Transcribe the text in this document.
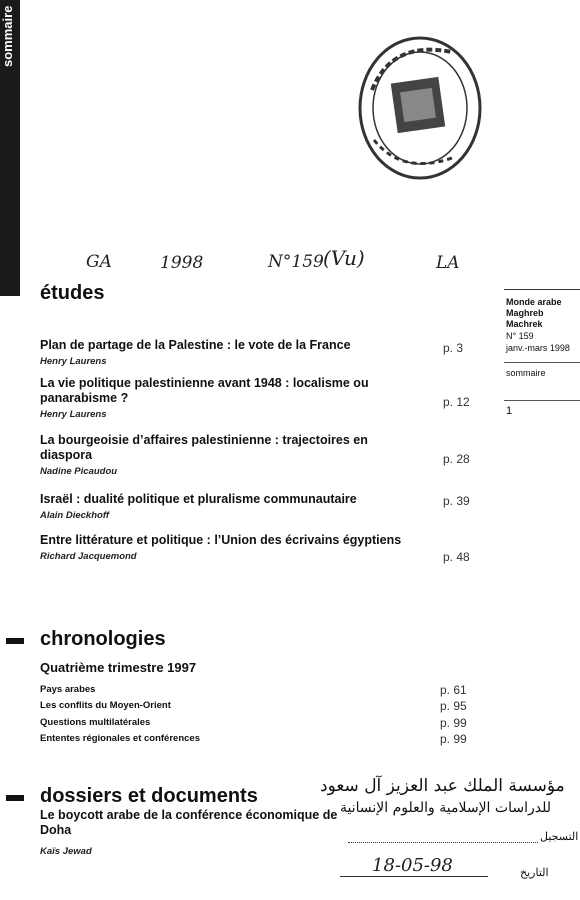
sommaire
GA	1998	N°159 (Vu)	LA
études	Monde arabe
Maghreb
Machrek
N° 159
janv.-mars 1998
sommaire
1
Plan de partage de la Palestine : le vote de la France
Henry Laurens
p. 3
La vie politique palestinienne avant 1948 : localisme ou panarabisme ?
Henry Laurens
p. 12
La bourgeoisie d’affaires palestinienne : trajectoires en diaspora
Nadine Picaudou
p. 28
Israël : dualité politique et pluralisme communautaire
Alain Dieckhoff
p. 39
Entre littérature et politique : l’Union des écrivains égyptiens
Richard Jacquemond	p. 48
chronologies
Quatrième trimestre 1997
Pays arabes	p. 61
Les conflits du Moyen-Orient	p. 95
Questions multilatérales	p. 99
Ententes régionales et conférences	p. 99
dossiers et documents
Le boycott arabe de la conférence économique de Doha
Kaïs Jewad
مؤسسة الملك عبد العزيز آل سعود
للدراسات الإسلامية والعلوم الإنسانية
التسجيل
18-05-98	التاريخ
